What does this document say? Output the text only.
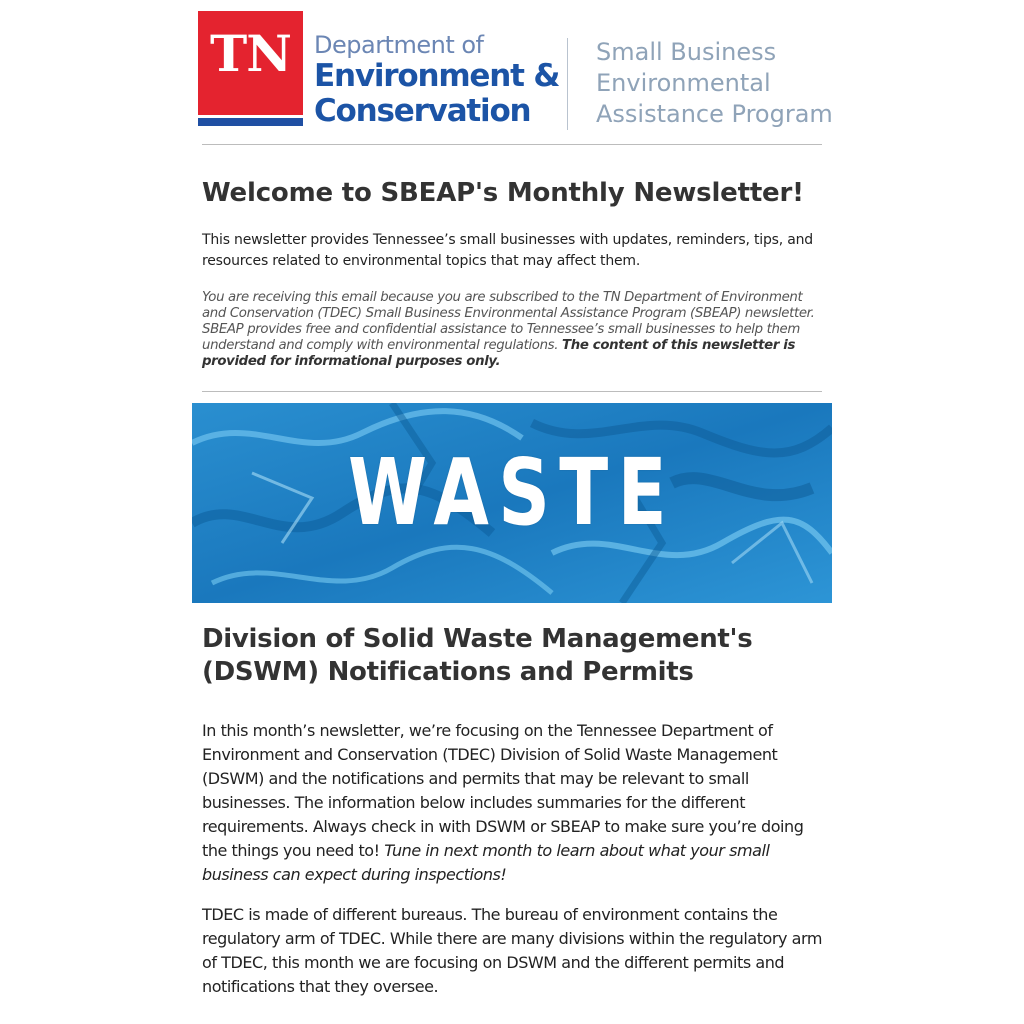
TN Department of
Environment &
Conservation
Small Business
Environmental
Assistance Program
Welcome to SBEAP's Monthly Newsletter!

This newsletter provides Tennessee’s small businesses with updates, reminders, tips, and resources related to environmental topics that may affect them.

You are receiving this email because you are subscribed to the TN Department of Environment and Conservation (TDEC) Small Business Environmental Assistance Program (SBEAP) newsletter. SBEAP provides free and confidential assistance to Tennessee’s small businesses to help them understand and comply with environmental regulations. The content of this newsletter is provided for informational purposes only.

WASTE
Division of Solid Waste Management's (DSWM) Notifications and Permits

In this month’s newsletter, we’re focusing on the Tennessee Department of Environment and Conservation (TDEC) Division of Solid Waste Management (DSWM) and the notifications and permits that may be relevant to small businesses. The information below includes summaries for the different requirements. Always check in with DSWM or SBEAP to make sure you’re doing the things you need to! Tune in next month to learn about what your small business can expect during inspections!

TDEC is made of different bureaus. The bureau of environment contains the regulatory arm of TDEC. While there are many divisions within the regulatory arm of TDEC, this month we are focusing on DSWM and the different permits and notifications that they oversee.
